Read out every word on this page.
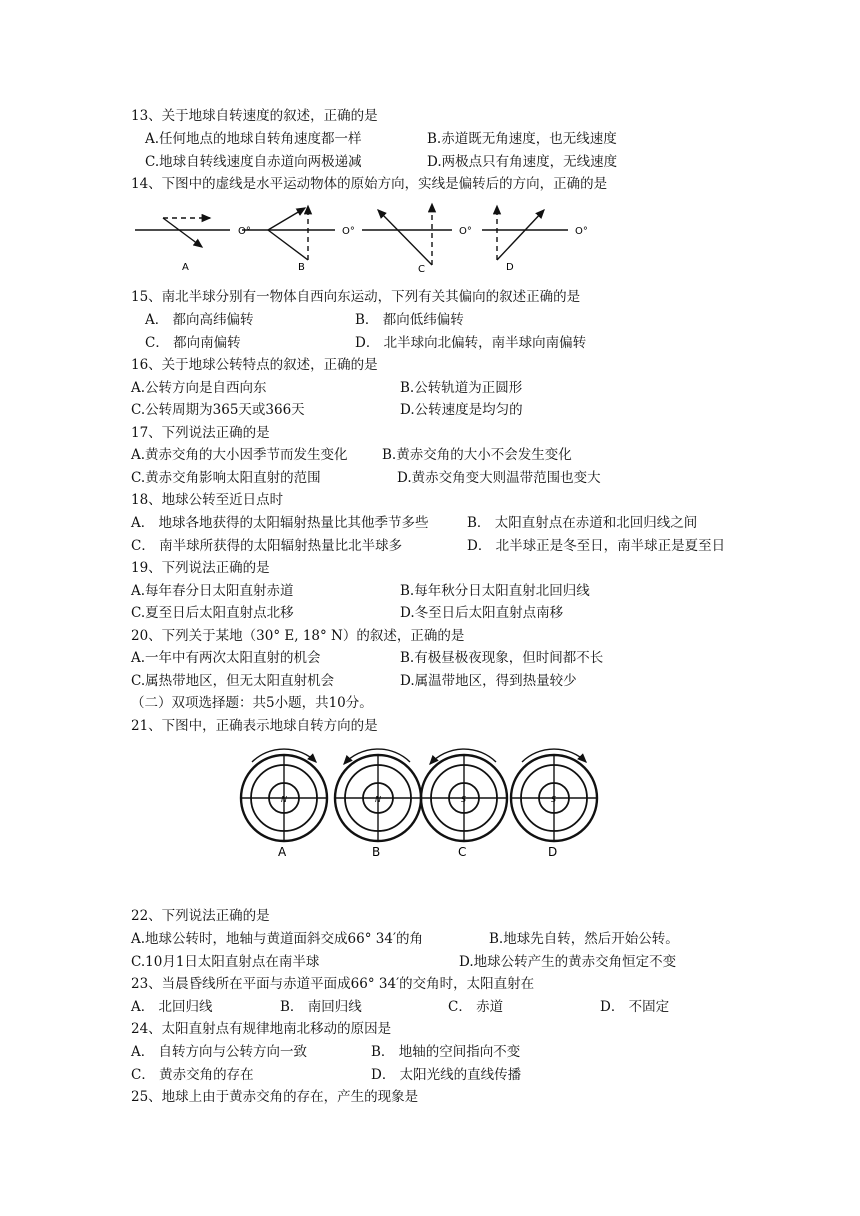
13、关于地球自转速度的叙述，正确的是
A.任何地点的地球自转角速度都一样	B.赤道既无角速度，也无线速度
C.地球自转线速度自赤道向两极递减	D.两极点只有角速度，无线速度
14、下图中的虚线是水平运动物体的原始方向，实线是偏转后的方向，正确的是
O°
A
O°
B
O°
C
O°
D
15、南北半球分别有一物体自西向东运动，下列有关其偏向的叙述正确的是
A． 都向高纬偏转	B． 都向低纬偏转
C． 都向南偏转	D． 北半球向北偏转，南半球向南偏转
16、关于地球公转特点的叙述，正确的是
A.公转方向是自西向东	B.公转轨道为正圆形
C.公转周期为365天或366天	D.公转速度是均匀的
17、下列说法正确的是
A.黄赤交角的大小因季节而发生变化	B.黄赤交角的大小不会发生变化
C.黄赤交角影响太阳直射的范围	D.黄赤交角变大则温带范围也变大
18、地球公转至近日点时
A． 地球各地获得的太阳辐射热量比其他季节多些	B． 太阳直射点在赤道和北回归线之间
C． 南半球所获得的太阳辐射热量比北半球多	D． 北半球正是冬至日，南半球正是夏至日
19、下列说法正确的是
A.每年春分日太阳直射赤道	B.每年秋分日太阳直射北回归线
C.夏至日后太阳直射点北移	D.冬至日后太阳直射点南移
20、下列关于某地（30° E, 18° N）的叙述，正确的是
A.一年中有两次太阳直射的机会	B.有极昼极夜现象，但时间都不长
C.属热带地区，但无太阳直射机会	D.属温带地区，得到热量较少
（二）双项选择题：共5小题，共10分。
21、下图中，正确表示地球自转方向的是
N
A
N
B
S
C
S
D
22、下列说法正确的是
A.地球公转时，地轴与黄道面斜交成66° 34′的角	B.地球先自转，然后开始公转。
C.10月1日太阳直射点在南半球	D.地球公转产生的黄赤交角恒定不变
23、当晨昏线所在平面与赤道平面成66° 34′的交角时，太阳直射在
A． 北回归线	B． 南回归线	C． 赤道	D． 不固定
24、太阳直射点有规律地南北移动的原因是
A． 自转方向与公转方向一致	B． 地轴的空间指向不变
C． 黄赤交角的存在	D． 太阳光线的直线传播
25、地球上由于黄赤交角的存在，产生的现象是
